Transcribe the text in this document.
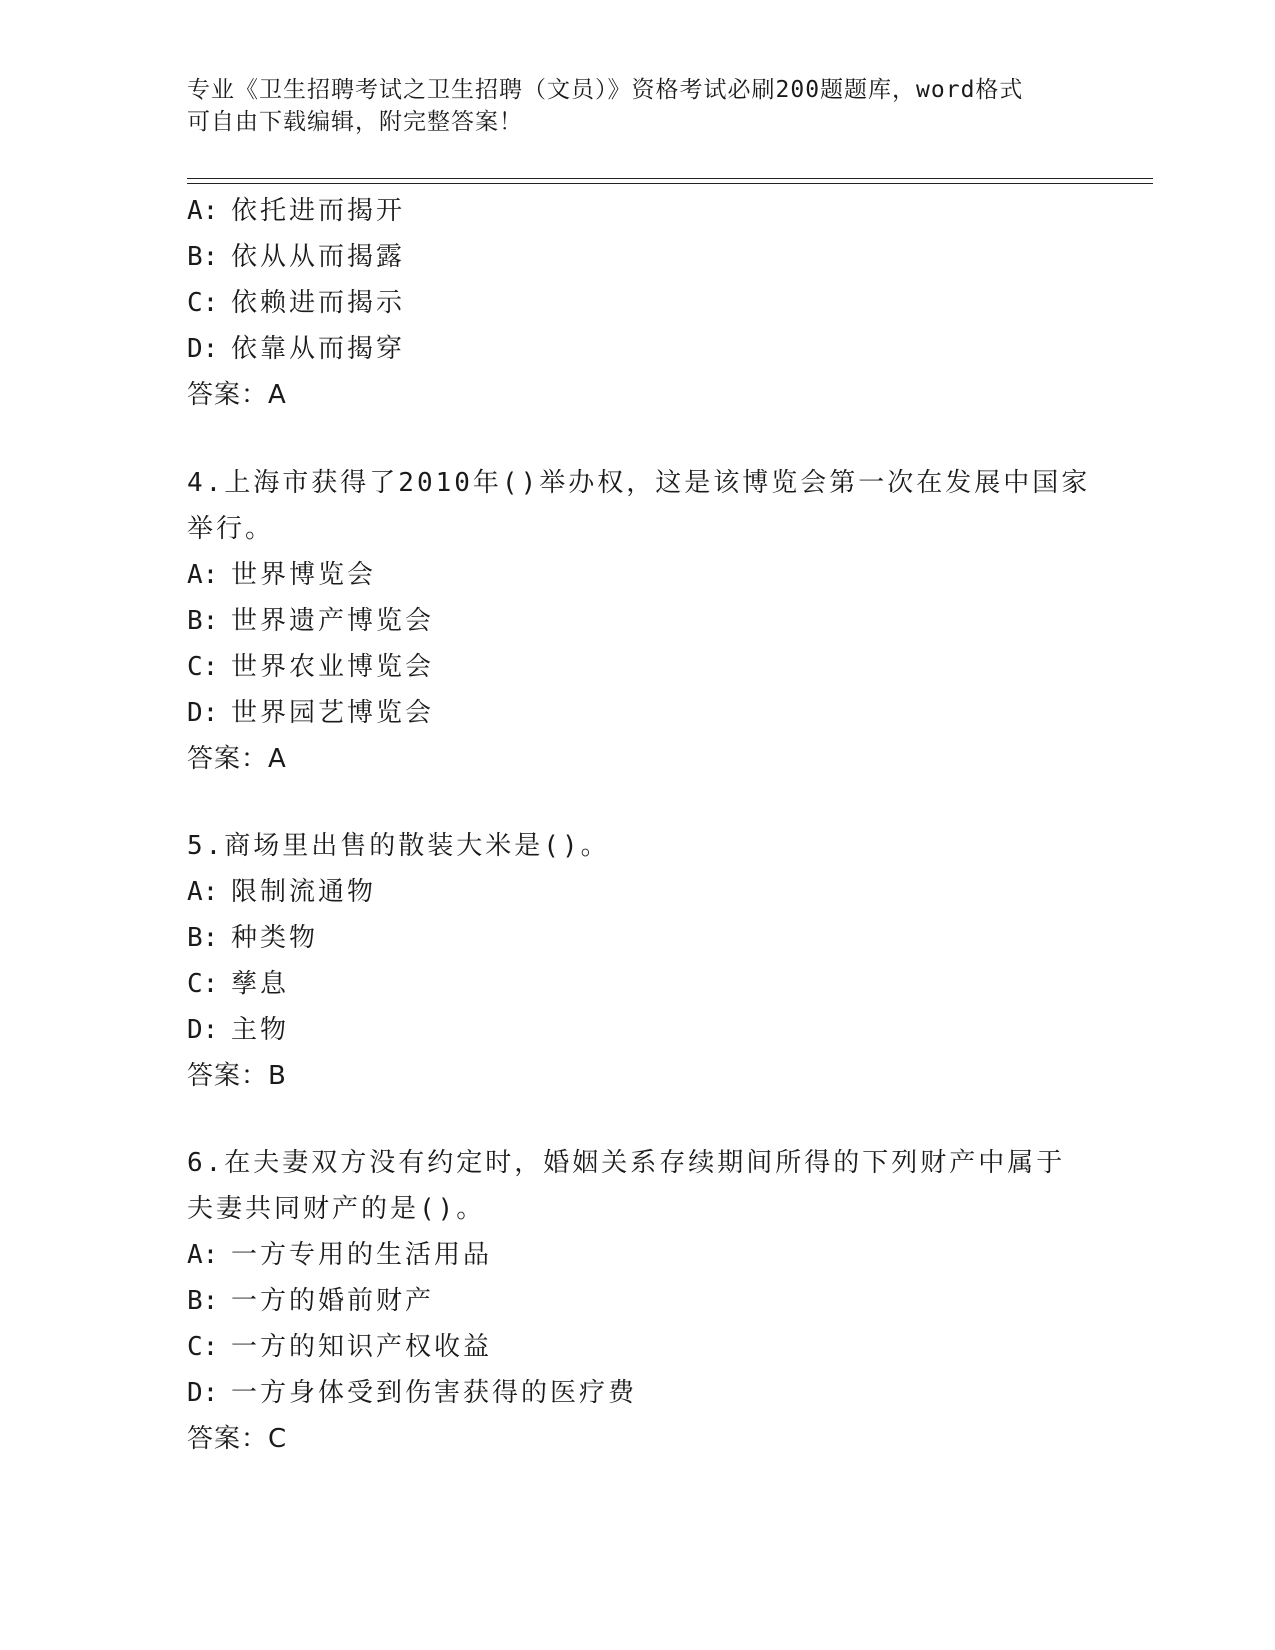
专业《卫生招聘考试之卫生招聘（文员）》资格考试必刷200题题库，word格式
可自由下载编辑，附完整答案！
A: 依托进而揭开
B: 依从从而揭露
C: 依赖进而揭示
D: 依靠从而揭穿
答案：A
4.上海市获得了2010年()举办权，这是该博览会第一次在发展中国家
举行。
A: 世界博览会
B: 世界遗产博览会
C: 世界农业博览会
D: 世界园艺博览会
答案：A
5.商场里出售的散装大米是()。
A: 限制流通物
B: 种类物
C: 孳息
D: 主物
答案：B
6.在夫妻双方没有约定时，婚姻关系存续期间所得的下列财产中属于
夫妻共同财产的是()。
A: 一方专用的生活用品
B: 一方的婚前财产
C: 一方的知识产权收益
D: 一方身体受到伤害获得的医疗费
答案：C
